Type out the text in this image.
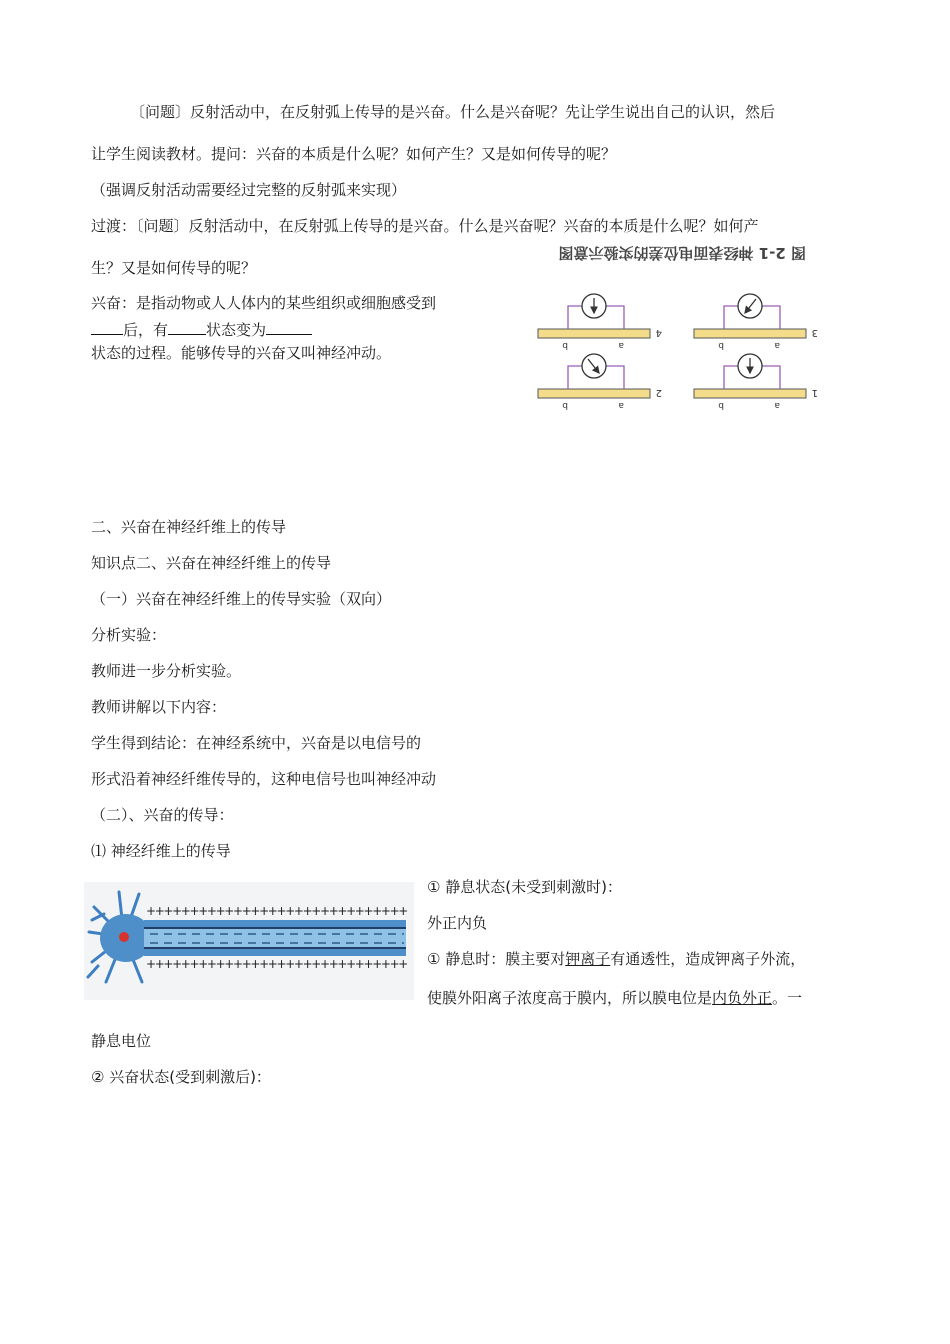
〔问题〕反射活动中，在反射弧上传导的是兴奋。什么是兴奋呢？先让学生说出自己的认识，然后
让学生阅读教材。提问：兴奋的本质是什么呢？如何产生？又是如何传导的呢？
（强调反射活动需要经过完整的反射弧来实现）
过渡：〔问题〕反射活动中，在反射弧上传导的是兴奋。什么是兴奋呢？兴奋的本质是什么呢？如何产
生？又是如何传导的呢？
兴奋：是指动物或人人体内的某些组织或细胞感受到
后，有	状态变为
状态的过程。能够传导的兴奋又叫神经冲动。
图 2-1 神经表面电位差的实验示意图
1
a
b
2
a
b
3
a
b
4
a
b
二、兴奋在神经纤维上的传导
知识点二、兴奋在神经纤维上的传导
（一）兴奋在神经纤维上的传导实验（双向）
分析实验：
教师进一步分析实验。
教师讲解以下内容：
学生得到结论：在神经系统中，兴奋是以电信号的
形式沿着神经纤维传导的，这种电信号也叫神经冲动
（二）、兴奋的传导：
⑴ 神经纤维上的传导
+
+
+
+
+
+
+
+
+
+
+
+
+
+
+
+
+
+
+
+
+
+
+
+
+
+
+
+
+
+
+
+
+
+
+
+
+
+
+
+
+
+
+
+
+
+
+
+
+
+
+
+
+
+
+
+
+
+
+
+
① 静息状态(未受到刺激时)：
外正内负
① 静息时：膜主要对钾离子有通透性，造成钾离子外流，
使膜外阳离子浓度高于膜内，所以膜电位是内负外正。一
静息电位
② 兴奋状态(受到刺激后)：
